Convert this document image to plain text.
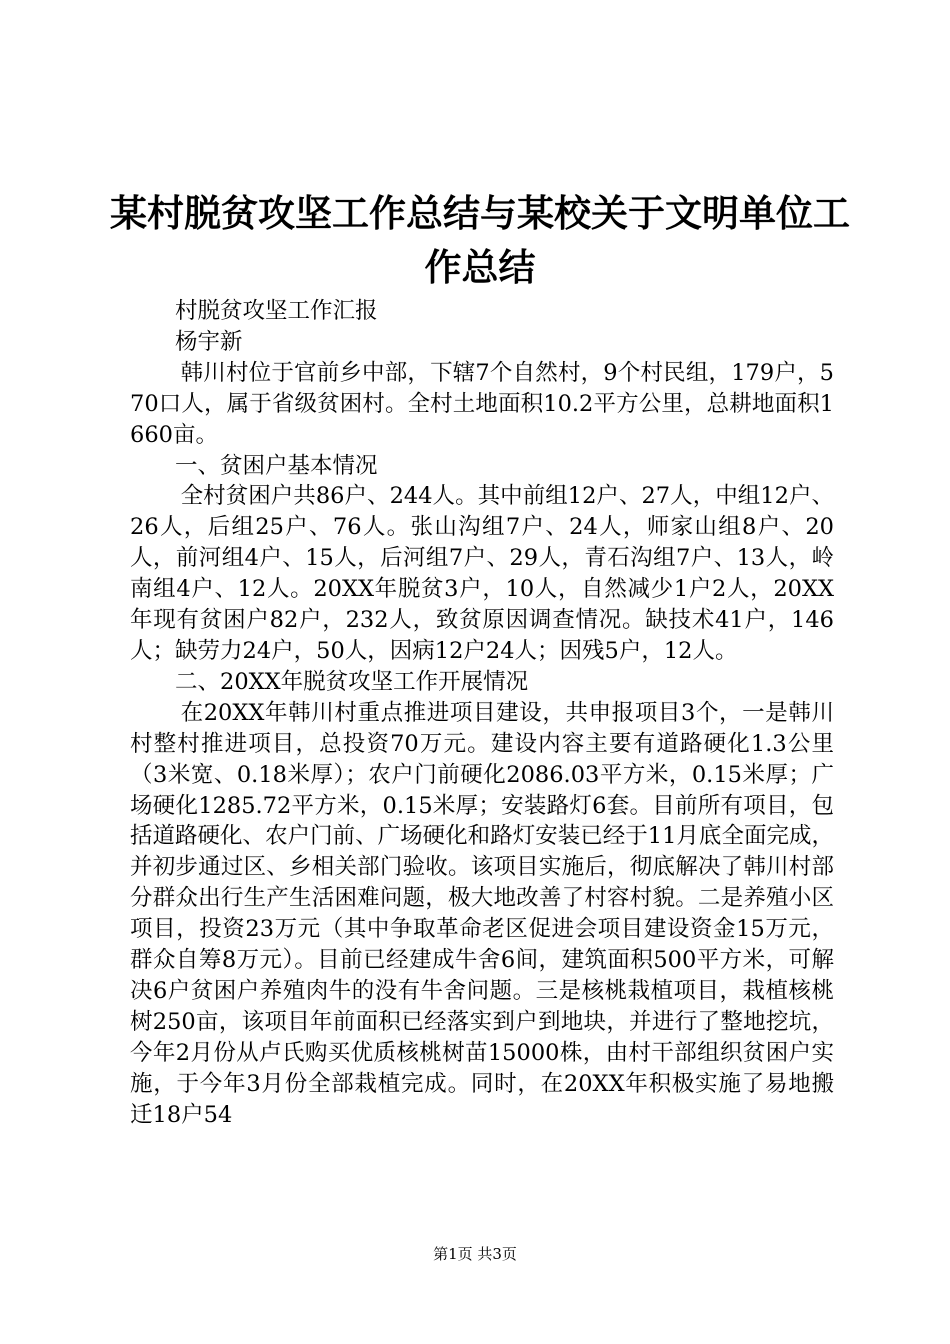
某村脱贫攻坚工作总结与某校关于文明单位工作总结

村脱贫攻坚工作汇报

杨宇新

韩川村位于官前乡中部，下辖7个自然村，9个村民组，179户，570口人，属于省级贫困村。全村土地面积10.2平方公里，总耕地面积1660亩。

一、贫困户基本情况

全村贫困户共86户、244人。其中前组12户、27人，中组12户、26人，后组25户、76人。张山沟组7户、24人，师家山组8户、20人，前河组4户、15人，后河组7户、29人，青石沟组7户、13人，岭南组4户、12人。20XX年脱贫3户，10人，自然减少1户2人，20XX年现有贫困户82户，232人，致贫原因调查情况。缺技术41户，146人；缺劳力24户，50人，因病12户24人；因残5户，12人。

二、20XX年脱贫攻坚工作开展情况

在20XX年韩川村重点推进项目建设，共申报项目3个，一是韩川村整村推进项目，总投资70万元。建设内容主要有道路硬化1.3公里（3米宽、0.18米厚）；农户门前硬化2086.03平方米，0.15米厚；广场硬化1285.72平方米，0.15米厚；安装路灯6套。目前所有项目，包括道路硬化、农户门前、广场硬化和路灯安装已经于11月底全面完成，并初步通过区、乡相关部门验收。该项目实施后，彻底解决了韩川村部分群众出行生产生活困难问题，极大地改善了村容村貌。二是养殖小区项目，投资23万元（其中争取革命老区促进会项目建设资金15万元，群众自筹8万元）。目前已经建成牛舍6间，建筑面积500平方米，可解决6户贫困户养殖肉牛的没有牛舍问题。三是核桃栽植项目，栽植核桃树250亩，该项目年前面积已经落实到户到地块，并进行了整地挖坑，今年2月份从卢氏购买优质核桃树苗15000株，由村干部组织贫困户实施，于今年3月份全部栽植完成。同时，在20XX年积极实施了易地搬迁18户54

第1页 共3页
